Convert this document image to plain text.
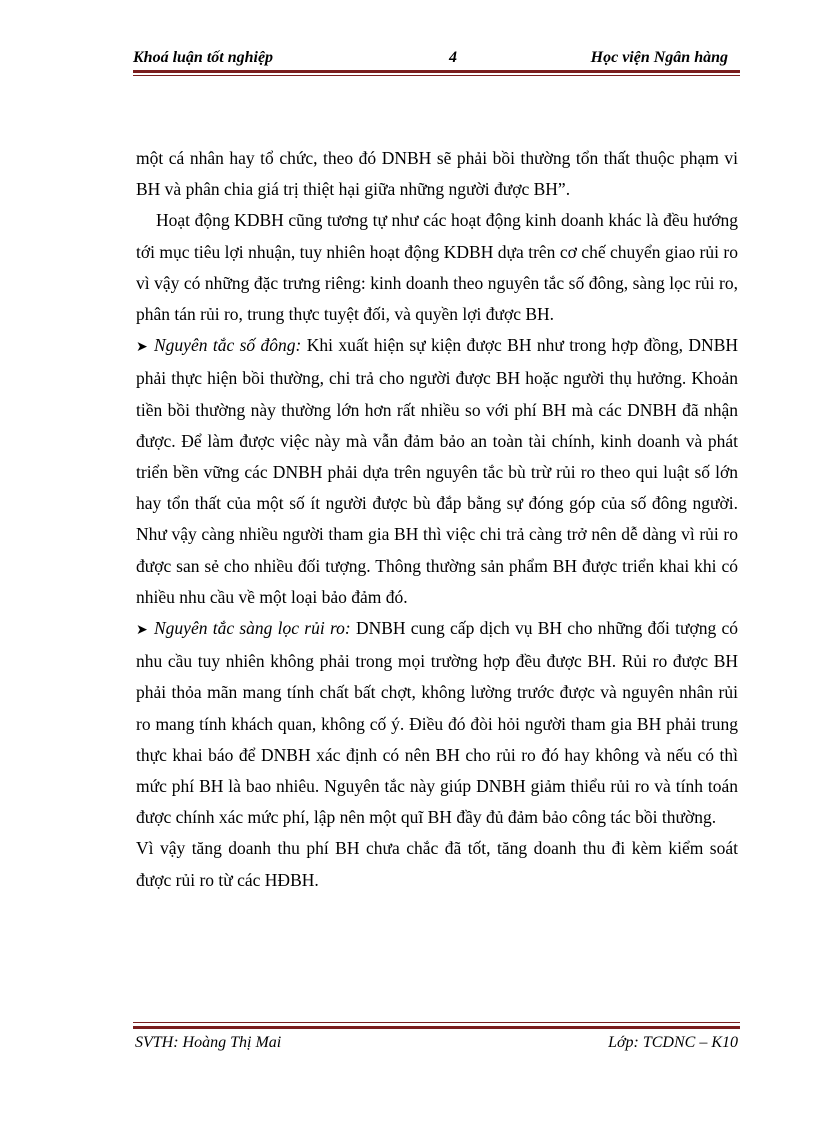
Khoá luận tốt nghiệp	4	Học viện Ngân hàng

một cá nhân hay tổ chức, theo đó DNBH sẽ phải bồi thường tổn thất thuộc phạm vi BH và phân chia giá trị thiệt hại giữa những người được BH”.

Hoạt động KDBH cũng tương tự như các hoạt động kinh doanh khác là đều hướng tới mục tiêu lợi nhuận, tuy nhiên hoạt động KDBH dựa trên cơ chế chuyển giao rủi ro vì vậy có những đặc trưng riêng: kinh doanh theo nguyên tắc số đông, sàng lọc rủi ro, phân tán rủi ro, trung thực tuyệt đối, và quyền lợi được BH.

➤ Nguyên tắc số đông: Khi xuất hiện sự kiện được BH như trong hợp đồng, DNBH phải thực hiện bồi thường, chi trả cho người được BH hoặc người thụ hưởng. Khoản tiền bồi thường này thường lớn hơn rất nhiều so với phí BH mà các DNBH đã nhận được. Để làm được việc này mà vẫn đảm bảo an toàn tài chính, kinh doanh và phát triển bền vững các DNBH phải dựa trên nguyên tắc bù trừ rủi ro theo qui luật số lớn hay tổn thất của một số ít người được bù đắp bằng sự đóng góp của số đông người. Như vậy càng nhiều người tham gia BH thì việc chi trả càng trở nên dễ dàng vì rủi ro được san sẻ cho nhiều đối tượng. Thông thường sản phẩm BH được triển khai khi có nhiều nhu cầu về một loại bảo đảm đó.

➤ Nguyên tắc sàng lọc rủi ro: DNBH cung cấp dịch vụ BH cho những đối tượng có nhu cầu tuy nhiên không phải trong mọi trường hợp đều được BH. Rủi ro được BH phải thỏa mãn mang tính chất bất chợt, không lường trước được và nguyên nhân rủi ro mang tính khách quan, không cố ý. Điều đó đòi hỏi người tham gia BH phải trung thực khai báo để DNBH xác định có nên BH cho rủi ro đó hay không và nếu có thì mức phí BH là bao nhiêu. Nguyên tắc này giúp DNBH giảm thiểu rủi ro và tính toán được chính xác mức phí, lập nên một quĩ BH đầy đủ đảm bảo công tác bồi thường.

Vì vậy tăng doanh thu phí BH chưa chắc đã tốt, tăng doanh thu đi kèm kiểm soát được rủi ro từ các HĐBH.

SVTH: Hoàng Thị Mai	Lớp: TCDNC – K10
